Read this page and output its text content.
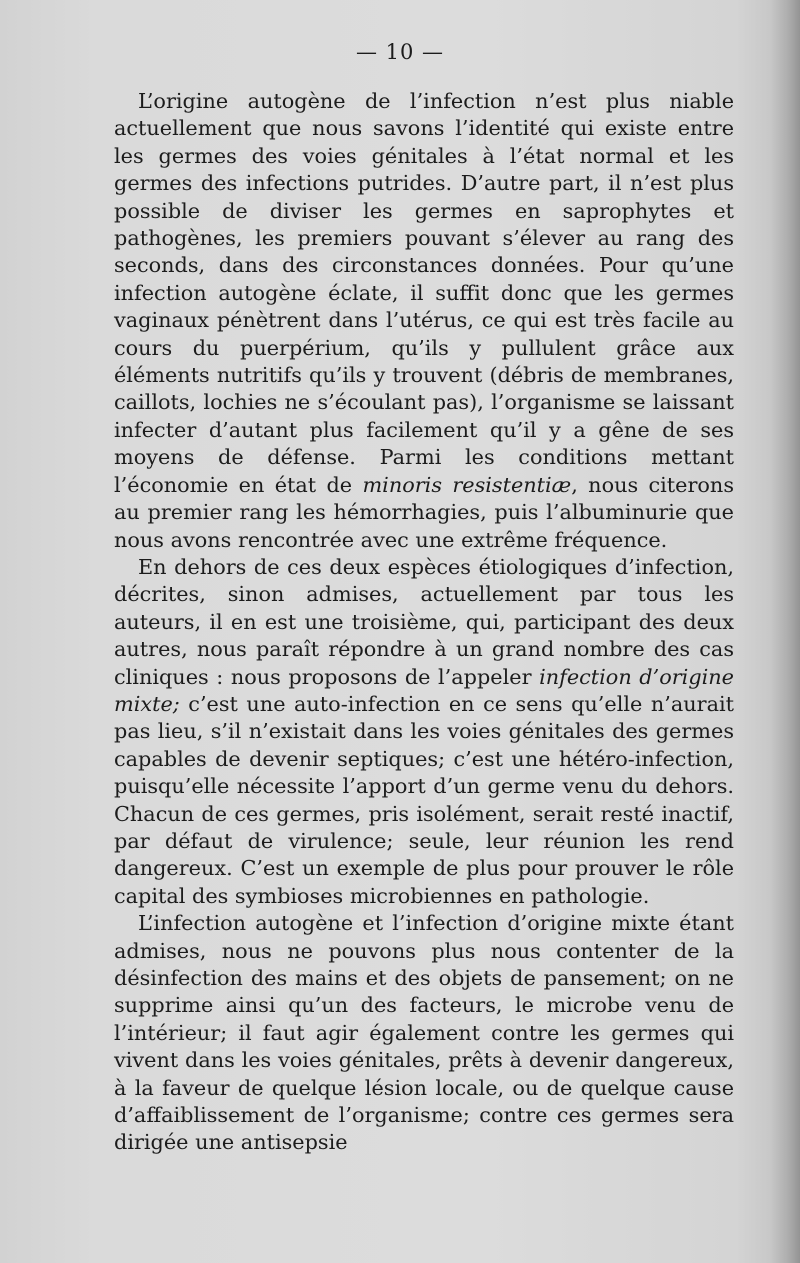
— 10 —

L’origine autogène de l’infection n’est plus niable actuellement que nous savons l’identité qui existe entre les germes des voies génitales à l’état normal et les germes des infections putrides. D’autre part, il n’est plus possible de diviser les germes en saprophytes et pathogènes, les premiers pouvant s’élever au rang des seconds, dans des circonstances données. Pour qu’une infection autogène éclate, il suffit donc que les germes vaginaux pénètrent dans l’utérus, ce qui est très facile au cours du puerpérium, qu’ils y pullulent grâce aux éléments nutritifs qu’ils y trouvent (débris de membranes, caillots, lochies ne s’écoulant pas), l’organisme se laissant infecter d’autant plus facilement qu’il y a gêne de ses moyens de défense. Parmi les conditions mettant l’économie en état de minoris resistentiæ, nous citerons au premier rang les hémorrhagies, puis l’albuminurie que nous avons rencontrée avec une extrême fréquence.

En dehors de ces deux espèces étiologiques d’infection, décrites, sinon admises, actuellement par tous les auteurs, il en est une troisième, qui, participant des deux autres, nous paraît répondre à un grand nombre des cas cliniques : nous proposons de l’appeler infection d’origine mixte; c’est une auto-infection en ce sens qu’elle n’aurait pas lieu, s’il n’existait dans les voies génitales des germes capables de devenir septiques; c’est une hétéro-infection, puisqu’elle nécessite l’apport d’un germe venu du dehors. Chacun de ces germes, pris isolément, serait resté inactif, par défaut de virulence; seule, leur réunion les rend dangereux. C’est un exemple de plus pour prouver le rôle capital des symbioses microbiennes en pathologie.

L’infection autogène et l’infection d’origine mixte étant admises, nous ne pouvons plus nous contenter de la désinfection des mains et des objets de pansement; on ne supprime ainsi qu’un des facteurs, le microbe venu de l’intérieur; il faut agir également contre les germes qui vivent dans les voies génitales, prêts à devenir dangereux, à la faveur de quelque lésion locale, ou de quelque cause d’affaiblissement de l’organisme; contre ces germes sera dirigée une antisepsie
